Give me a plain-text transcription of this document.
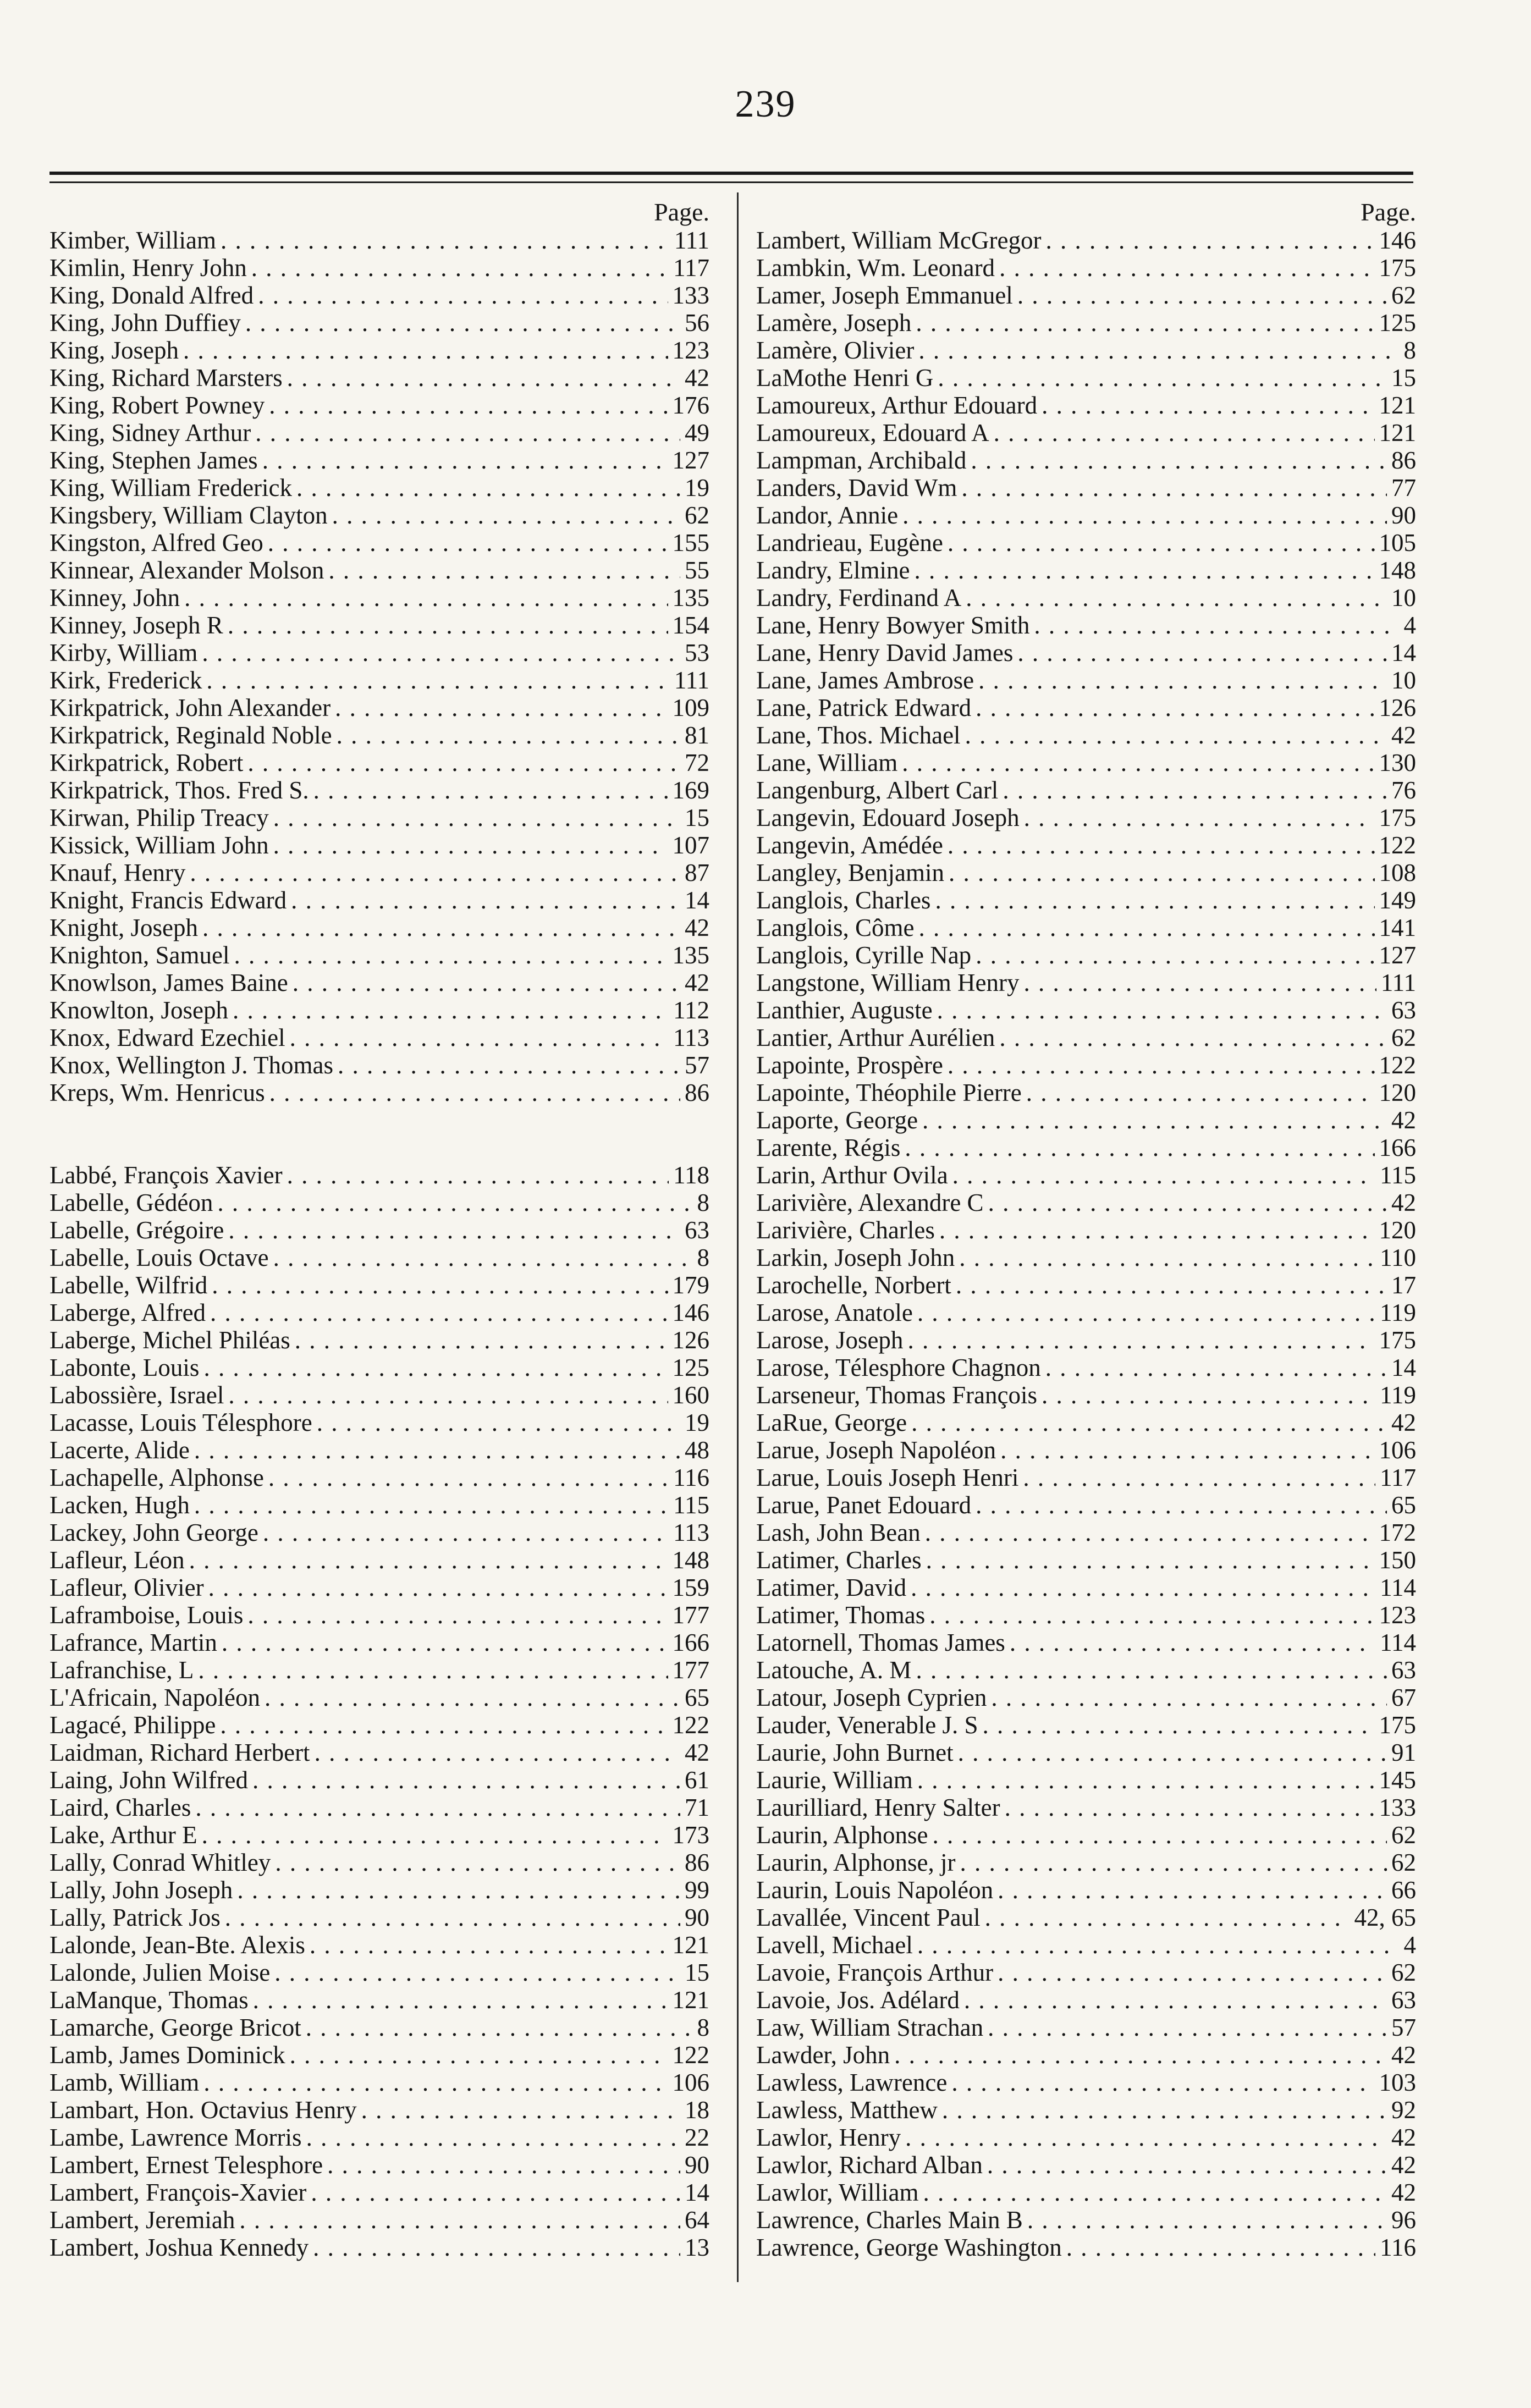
239
Page.
Kimber, William . . .	111
Kimlin, Henry John . . .	117
King, Donald Alfred . . .	133
King, John Duffiey . . .	56
King, Joseph . . .	123
King, Richard Marsters . . .	42
King, Robert Powney . . .	176
King, Sidney Arthur . . .	49
King, Stephen James . . .	127
King, William Frederick . . .	19
Kingsbery, William Clayton . . .	62
Kingston, Alfred Geo . . .	155
Kinnear, Alexander Molson . . .	55
Kinney, John . . .	135
Kinney, Joseph R . . .	154
Kirby, William . . .	53
Kirk, Frederick . . .	111
Kirkpatrick, John Alexander . . .	109
Kirkpatrick, Reginald Noble . . .	81
Kirkpatrick, Robert . . .	72
Kirkpatrick, Thos. Fred S. . . .	169
Kirwan, Philip Treacy . . .	15
Kissick, William John . . .	107
Knauf, Henry . . .	87
Knight, Francis Edward . . .	14
Knight, Joseph . . .	42
Knighton, Samuel . . .	135
Knowlson, James Baine . . .	42
Knowlton, Joseph . . .	112
Knox, Edward Ezechiel . . .	113
Knox, Wellington J. Thomas . . .	57
Kreps, Wm. Henricus . . .	86
Labbé, François Xavier . . .	118
Labelle, Gédéon . . .	8
Labelle, Grégoire . . .	63
Labelle, Louis Octave . . .	8
Labelle, Wilfrid . . .	179
Laberge, Alfred . . .	146
Laberge, Michel Philéas . . .	126
Labonte, Louis . . .	125
Labossière, Israel . . .	160
Lacasse, Louis Télesphore . . .	19
Lacerte, Alide . . .	48
Lachapelle, Alphonse . . .	116
Lacken, Hugh . . .	115
Lackey, John George . . .	113
Lafleur, Léon . . .	148
Lafleur, Olivier . . .	159
Laframboise, Louis . . .	177
Lafrance, Martin . . .	166
Lafranchise, L . . .	177
L'Africain, Napoléon . . .	65
Lagacé, Philippe . . .	122
Laidman, Richard Herbert . . .	42
Laing, John Wilfred . . .	61
Laird, Charles . . .	71
Lake, Arthur E . . .	173
Lally, Conrad Whitley . . .	86
Lally, John Joseph . . .	99
Lally, Patrick Jos . . .	90
Lalonde, Jean-Bte. Alexis . . .	121
Lalonde, Julien Moise . . .	15
LaManque, Thomas . . .	121
Lamarche, George Bricot . . .	8
Lamb, James Dominick . . .	122
Lamb, William . . .	106
Lambart, Hon. Octavius Henry . . .	18
Lambe, Lawrence Morris . . .	22
Lambert, Ernest Telesphore . . .	90
Lambert, François-Xavier . . .	14
Lambert, Jeremiah . . .	64
Lambert, Joshua Kennedy . . .	13
Page.
Lambert, William McGregor . . .	146
Lambkin, Wm. Leonard . . .	175
Lamer, Joseph Emmanuel . . .	62
Lamère, Joseph . . .	125
Lamère, Olivier . . .	8
LaMothe Henri G . . .	15
Lamoureux, Arthur Edouard . . .	121
Lamoureux, Edouard A . . .	121
Lampman, Archibald . . .	86
Landers, David Wm . . .	77
Landor, Annie . . .	90
Landrieau, Eugène . . .	105
Landry, Elmine . . .	148
Landry, Ferdinand A . . .	10
Lane, Henry Bowyer Smith . . .	4
Lane, Henry David James . . .	14
Lane, James Ambrose . . .	10
Lane, Patrick Edward . . .	126
Lane, Thos. Michael . . .	42
Lane, William . . .	130
Langenburg, Albert Carl . . .	76
Langevin, Edouard Joseph . . .	175
Langevin, Amédée . . .	122
Langley, Benjamin . . .	108
Langlois, Charles . . .	149
Langlois, Côme . . .	141
Langlois, Cyrille Nap . . .	127
Langstone, William Henry . . .	111
Lanthier, Auguste . . .	63
Lantier, Arthur Aurélien . . .	62
Lapointe, Prospère . . .	122
Lapointe, Théophile Pierre . . .	120
Laporte, George . . .	42
Larente, Régis . . .	166
Larin, Arthur Ovila . . .	115
Larivière, Alexandre C . . .	42
Larivière, Charles . . .	120
Larkin, Joseph John . . .	110
Larochelle, Norbert . . .	17
Larose, Anatole . . .	119
Larose, Joseph . . .	175
Larose, Télesphore Chagnon . . .	14
Larseneur, Thomas François . . .	119
LaRue, George . . .	42
Larue, Joseph Napoléon . . .	106
Larue, Louis Joseph Henri . . .	117
Larue, Panet Edouard . . .	65
Lash, John Bean . . .	172
Latimer, Charles . . .	150
Latimer, David . . .	114
Latimer, Thomas . . .	123
Latornell, Thomas James . . .	114
Latouche, A. M . . .	63
Latour, Joseph Cyprien . . .	67
Lauder, Venerable J. S . . .	175
Laurie, John Burnet . . .	91
Laurie, William . . .	145
Laurilliard, Henry Salter . . .	133
Laurin, Alphonse . . .	62
Laurin, Alphonse, jr . . .	62
Laurin, Louis Napoléon . . .	66
Lavallée, Vincent Paul . . .	42, 65
Lavell, Michael . . .	4
Lavoie, François Arthur . . .	62
Lavoie, Jos. Adélard . . .	63
Law, William Strachan . . .	57
Lawder, John . . .	42
Lawless, Lawrence . . .	103
Lawless, Matthew . . .	92
Lawlor, Henry . . .	42
Lawlor, Richard Alban . . .	42
Lawlor, William . . .	42
Lawrence, Charles Main B . . .	96
Lawrence, George Washington . . .	116
